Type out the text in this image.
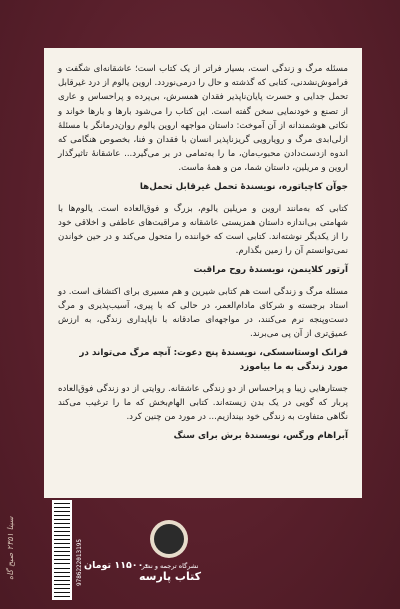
مسئله مرگ و زندگی است، بسیار فراتر از یک کتاب است؛ عاشقانه‌ای شگفت و فراموش‌نشدنی، کتابی که گذشته و حال را درمی‌نوردد. اروین یالوم از درد غیرقابل تحمل جدایی و حسرت پایان‌ناپذیر فقدان همسرش، بی‌پرده و پراحساس و عاری از تصنع و خودنمایی سخن گفته است. این کتاب را می‌شود بارها و بارها خواند و نکاتی هوشمندانه از آن آموخت: داستان مواجهه اروین یالوم روان‌درمانگر با مسئلهٔ ازلی‌ابدی مرگ و رویارویی گریزناپذیر انسان با فقدان و فنا، بخصوص هنگامی که اندوه ازدست‌دادن محبوب‌مان، ما را به‌تمامی در بر می‌گیرد... عاشقانهٔ تاثیرگذار اروین و مریلین، داستان شما، من و همهٔ ماست.

جوآن کاچیاتوره، نویسندهٔ تحمل غیرقابل تحمل‌ها

کتابی که به‌مانند اروین و مریلین یالوم، بزرگ و فوق‌العاده است. یالوم‌ها با شهامتی بی‌اندازه داستان همزیستی عاشقانه و مراقبت‌های عاطفی و اخلاقی خود را از یکدیگر نوشته‌اند. کتابی است که خواننده را متحول می‌کند و در حین خواندن نمی‌توانستم آن را زمین بگذارم.

آرتور کلاینمن، نویسندهٔ روح مراقبت

مسئله مرگ و زندگی است هم کتابی شیرین و هم مسیری برای اکتشاف است. دو استاد برجسته و شرکای مادام‌العمر، در حالی که با پیری، آسیب‌پذیری و مرگ دست‌وپنجه نرم می‌کنند، در مواجهه‌ای صادقانه با ناپایداری زندگی، به ارزش عمیق‌تری از آن پی می‌برند.

فرانک اوستاسسکی، نویسندهٔ پنج دعوت: آنچه مرگ می‌تواند در مورد زندگی به ما بیاموزد

جستارهایی زیبا و پراحساس از دو زندگی عاشقانه. روایتی از دو زندگی فوق‌العاده پربار که گویی در یک بدن زیسته‌اند. کتابی الهام‌بخش که ما را ترغیب می‌کند نگاهی متفاوت به زندگی خود بیندازیم... در مورد من چنین کرد.

آبراهام ورگس، نویسندهٔ برش برای سنگ
سینا ۲۳۵۱ صبح گاه
9786222013195 ۱۱۵۰۰۰ تومان
نشرگاه ترجمه و نشر
کتاب پارسه
